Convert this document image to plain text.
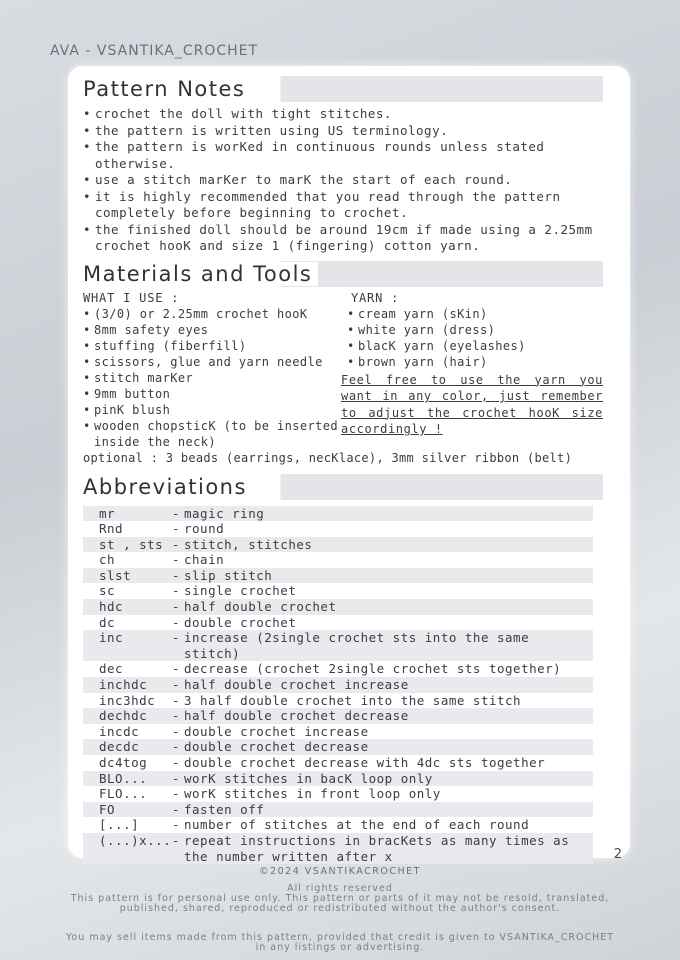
AVA - VSANTIKA_CROCHET
Pattern Notes
• crochet the doll with tight stitches.
• the pattern is written using US terminology.
• the pattern is worKed in continuous rounds unless stated otherwise.
• use a stitch marKer to marK the start of each round.
• it is highly recommended that you read through the pattern completely before beginning to crochet.
• the finished doll should be around 19cm if made using a 2.25mm crochet hooK and size 1 (fingering) cotton yarn.
Materials and Tools
WHAT I USE :
• (3/0) or 2.25mm crochet hooK
• 8mm safety eyes
• stuffing (fiberfill)
• scissors, glue and yarn needle
• stitch marKer
• 9mm button
• pinK blush
• wooden chopsticK (to be inserted inside the neck)
YARN :
• cream yarn (sKin)
• white yarn (dress)
• blacK yarn (eyelashes)
• brown yarn (hair)
Feel free to use the yarn you want in any color, just remember to adjust the crochet hooK size accordingly !
optional : 3 beads (earrings, necKlace), 3mm silver ribbon (belt)
Abbreviations
mr	- magic ring
Rnd	- round
st , sts	- stitch, stitches
ch	- chain
slst	- slip stitch
sc	- single crochet
hdc	- half double crochet
dc	- double crochet
inc	- increase (2single crochet sts into the same stitch)
dec	- decrease (crochet 2single crochet sts together)
inchdc	- half double crochet increase
inc3hdc	- 3 half double crochet into the same stitch
dechdc	- half double crochet decrease
incdc	- double crochet increase
decdc	- double crochet decrease
dc4tog	- double crochet decrease with 4dc sts together
BLO...	- worK stitches in bacK loop only
FLO...	- worK stitches in front loop only
FO	- fasten off
[...]	- number of stitches at the end of each round
(...)x...	- repeat instructions in bracKets as many times as the number written after x	2
©2024 VSANTIKACROCHET
All rights reserved
This pattern is for personal use only. This pattern or parts of it may not be resold, translated, published, shared, reproduced or redistributed without the author's consent.
You may sell items made from this pattern, provided that credit is given to VSANTIKA_CROCHET in any listings or advertising.
